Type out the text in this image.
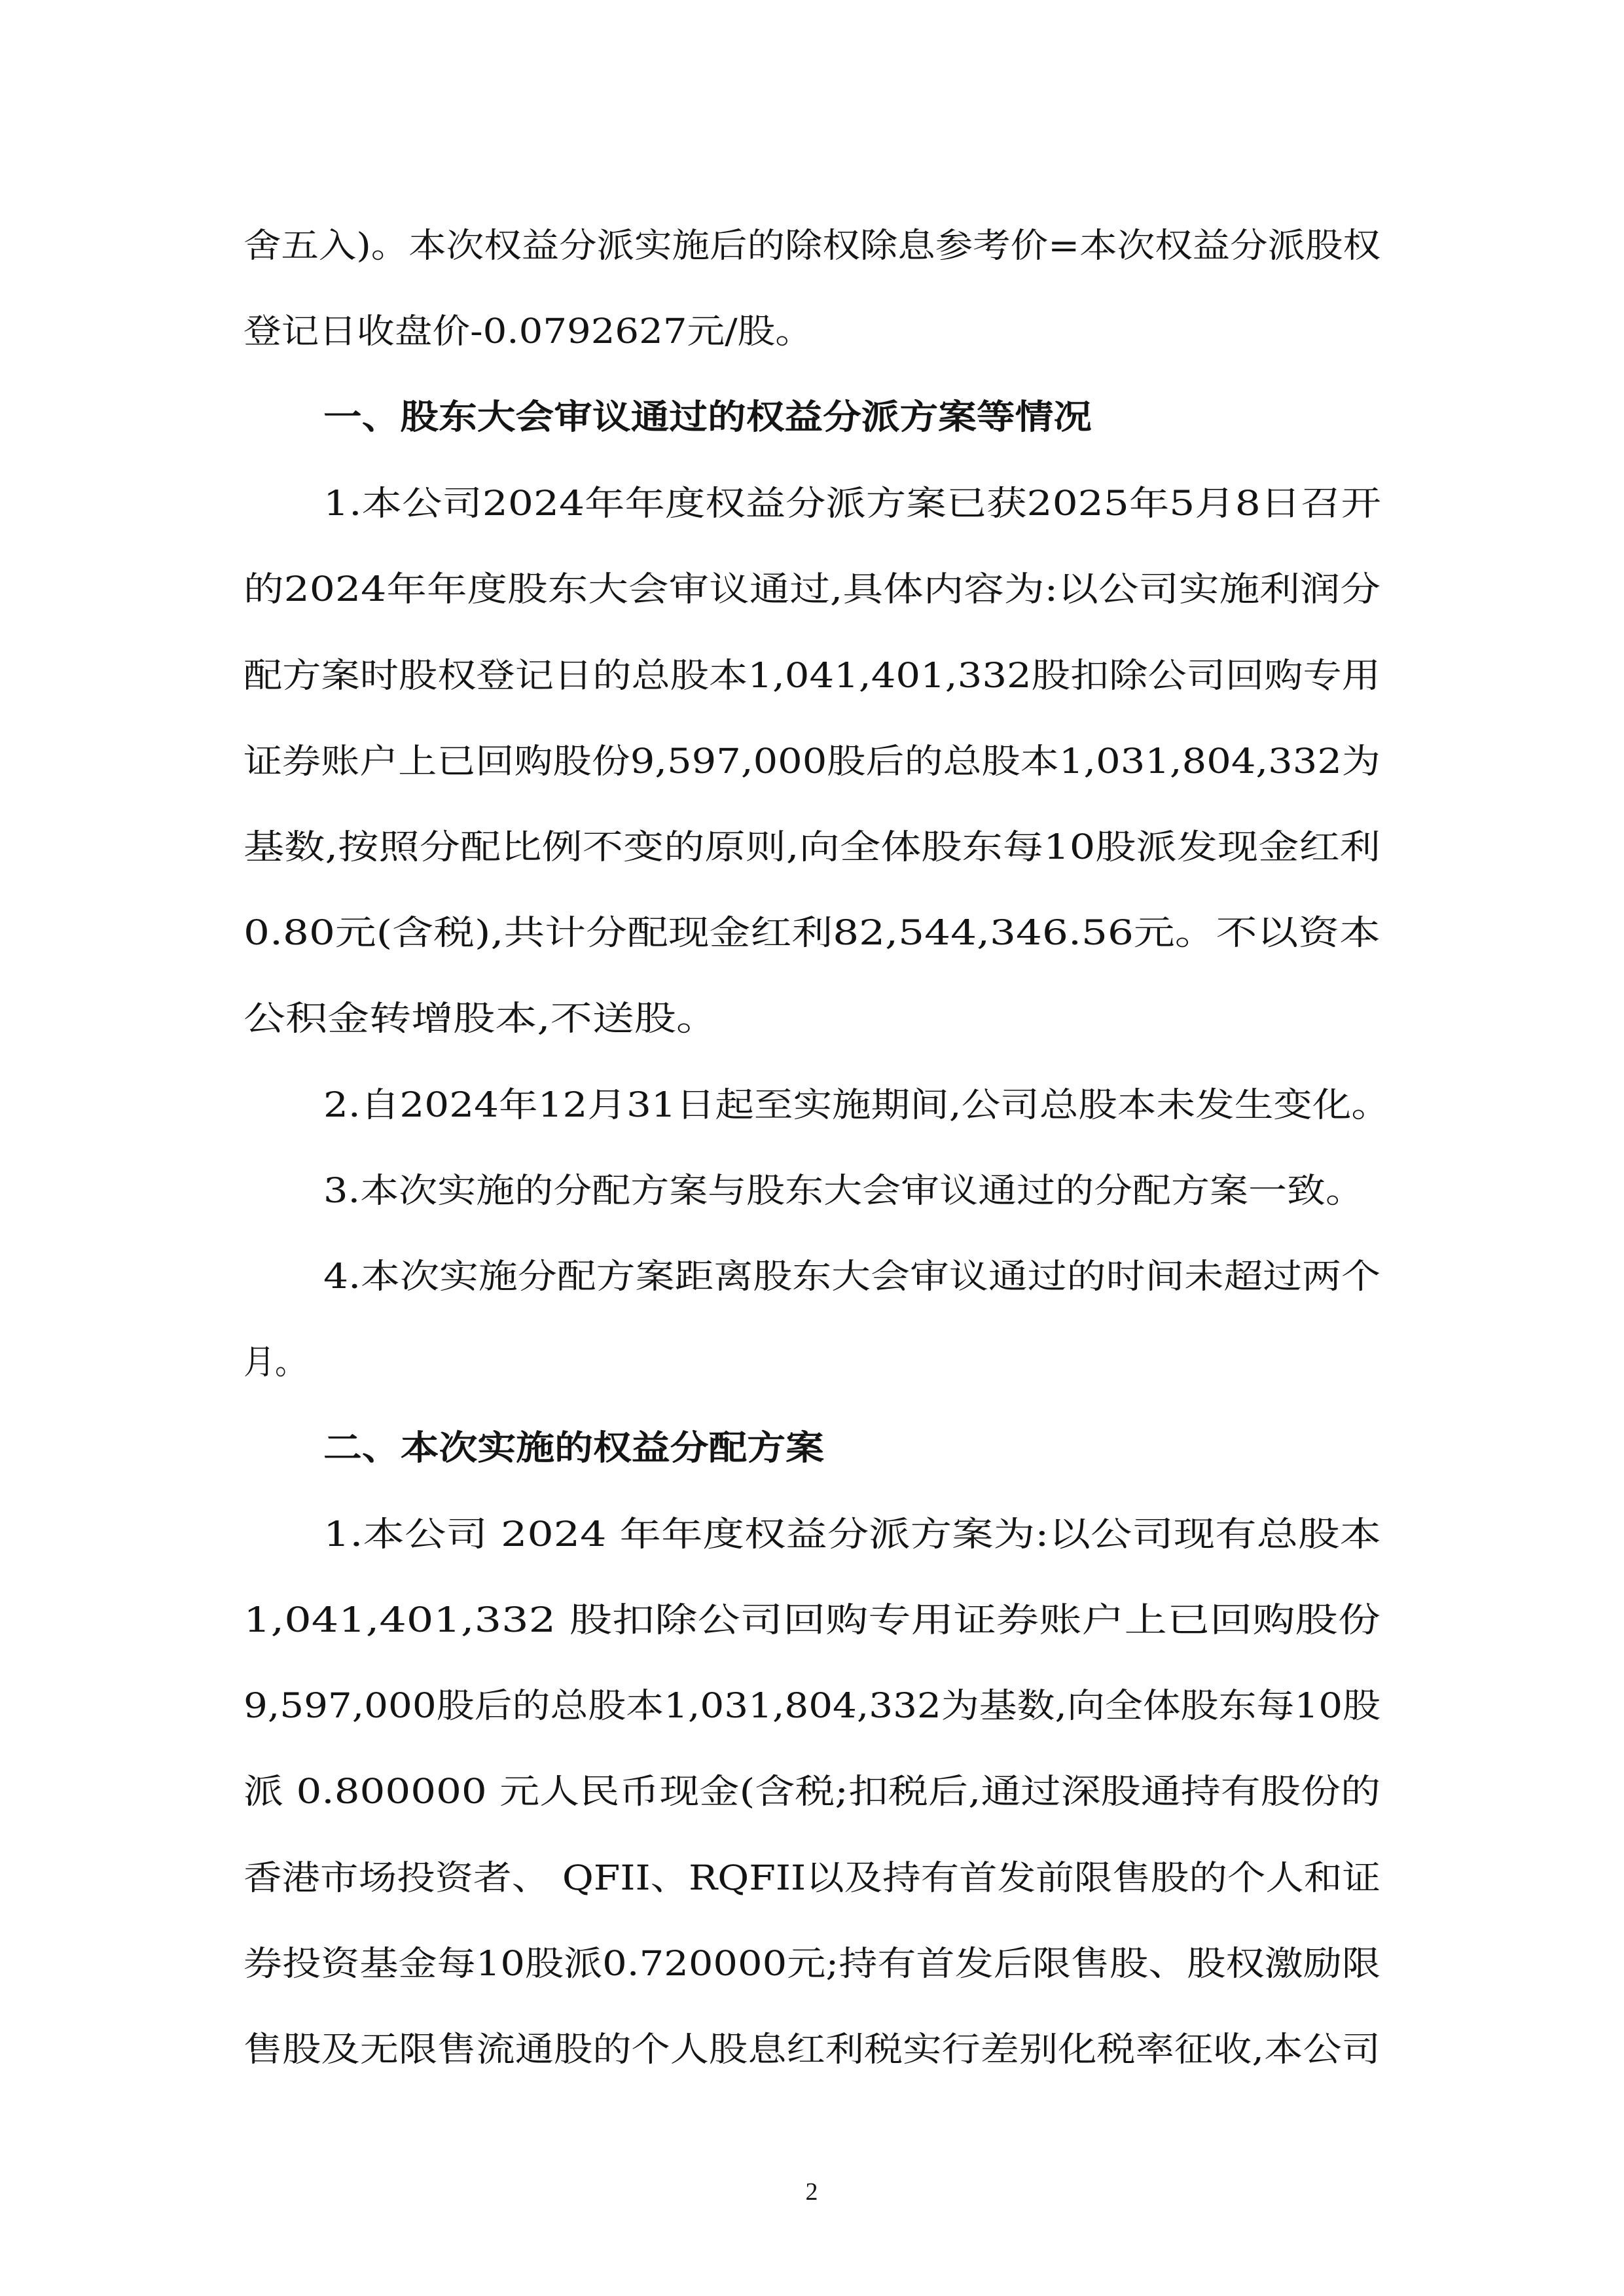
舍五入)。本次权益分派实施后的除权除息参考价=本次权益分派股权
登记日收盘价-0.0792627元/股。
一、股东大会审议通过的权益分派方案等情况
1.本公司2024年年度权益分派方案已获2025年5月8日召开
的2024年年度股东大会审议通过,具体内容为:以公司实施利润分
配方案时股权登记日的总股本1,041,401,332股扣除公司回购专用
证券账户上已回购股份9,597,000股后的总股本1,031,804,332为
基数,按照分配比例不变的原则,向全体股东每10股派发现金红利
0.80元(含税),共计分配现金红利82,544,346.56元。不以资本
公积金转增股本,不送股。
2.自2024年12月31日起至实施期间,公司总股本未发生变化。
3.本次实施的分配方案与股东大会审议通过的分配方案一致。
4.本次实施分配方案距离股东大会审议通过的时间未超过两个
月。
二、本次实施的权益分配方案
1.本公司 2024 年年度权益分派方案为:以公司现有总股本
1,041,401,332 股扣除公司回购专用证券账户上已回购股份
9,597,000股后的总股本1,031,804,332为基数,向全体股东每10股
派 0.800000 元人民币现金(含税;扣税后,通过深股通持有股份的
香港市场投资者、 QFII、RQFII以及持有首发前限售股的个人和证
券投资基金每10股派0.720000元;持有首发后限售股、股权激励限
售股及无限售流通股的个人股息红利税实行差别化税率征收,本公司
2
